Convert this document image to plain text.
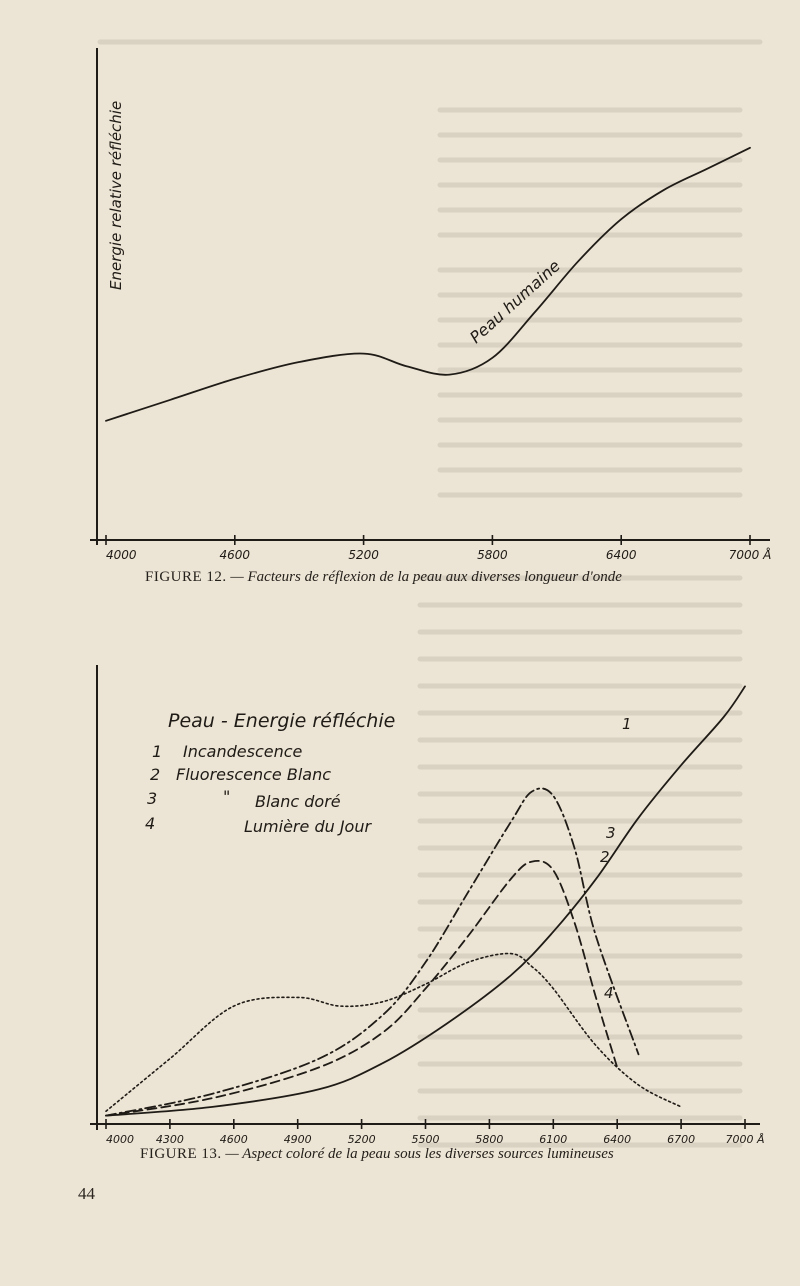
Energie relative réfléchie
4000	4600	5200	5800	6400	7000 Å
Peau humaine
FIGURE 12. — Facteurs de réflexion de la peau aux diverses longueur d'onde
4000 4300	4600	4900	5200	5500	5800	6100	6400	6700	7000 Å
Peau - Energie réfléchie
1 Incandescence
2 Fluorescence Blanc
3	" Blanc doré
4	Lumière du Jour
1
3
2
4
FIGURE 13. — Aspect coloré de la peau sous les diverses sources lumineuses
44
